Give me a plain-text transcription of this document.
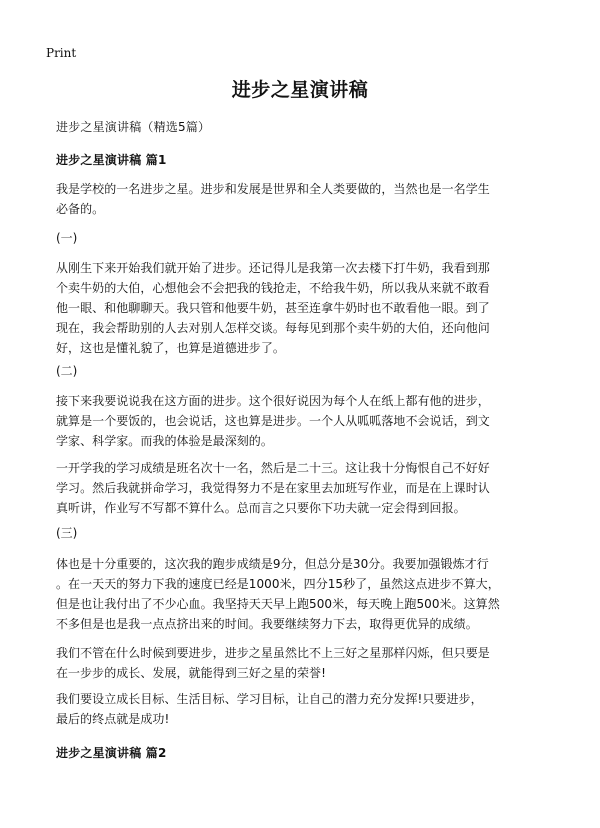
Print
进步之星演讲稿
进步之星演讲稿（精选5篇）
进步之星演讲稿 篇1

我是学校的一名进步之星。进步和发展是世界和全人类要做的，当然也是一名学生
必备的。

(一)

从刚生下来开始我们就开始了进步。还记得儿是我第一次去楼下打牛奶，我看到那
个卖牛奶的大伯，心想他会不会把我的钱抢走，不给我牛奶，所以我从来就不敢看
他一眼、和他聊聊天。我只管和他要牛奶，甚至连拿牛奶时也不敢看他一眼。到了
现在，我会帮助别的人去对别人怎样交谈。每每见到那个卖牛奶的大伯，还向他问
好，这也是懂礼貌了，也算是道德进步了。

(二)

接下来我要说说我在这方面的进步。这个很好说因为每个人在纸上都有他的进步，
就算是一个要饭的，也会说话，这也算是进步。一个人从呱呱落地不会说话，到文
学家、科学家。而我的体验是最深刻的。

一开学我的学习成绩是班名次十一名，然后是二十三。这让我十分悔恨自己不好好
学习。然后我就拼命学习，我觉得努力不是在家里去加班写作业，而是在上课时认
真听讲，作业写不写都不算什么。总而言之只要你下功夫就一定会得到回报。

(三)

体也是十分重要的，这次我的跑步成绩是9分，但总分是30分。我要加强锻炼才行
。在一天天的努力下我的速度已经是1000米，四分15秒了，虽然这点进步不算大，
但是也让我付出了不少心血。我坚持天天早上跑500米，每天晚上跑500米。这算然
不多但是也是我一点点挤出来的时间。我要继续努力下去，取得更优异的成绩。

我们不管在什么时候到要进步，进步之星虽然比不上三好之星那样闪烁，但只要是
在一步步的成长、发展，就能得到三好之星的荣誉!

我们要设立成长目标、生活目标、学习目标，让自己的潜力充分发挥!只要进步，
最后的终点就是成功!

进步之星演讲稿 篇2
